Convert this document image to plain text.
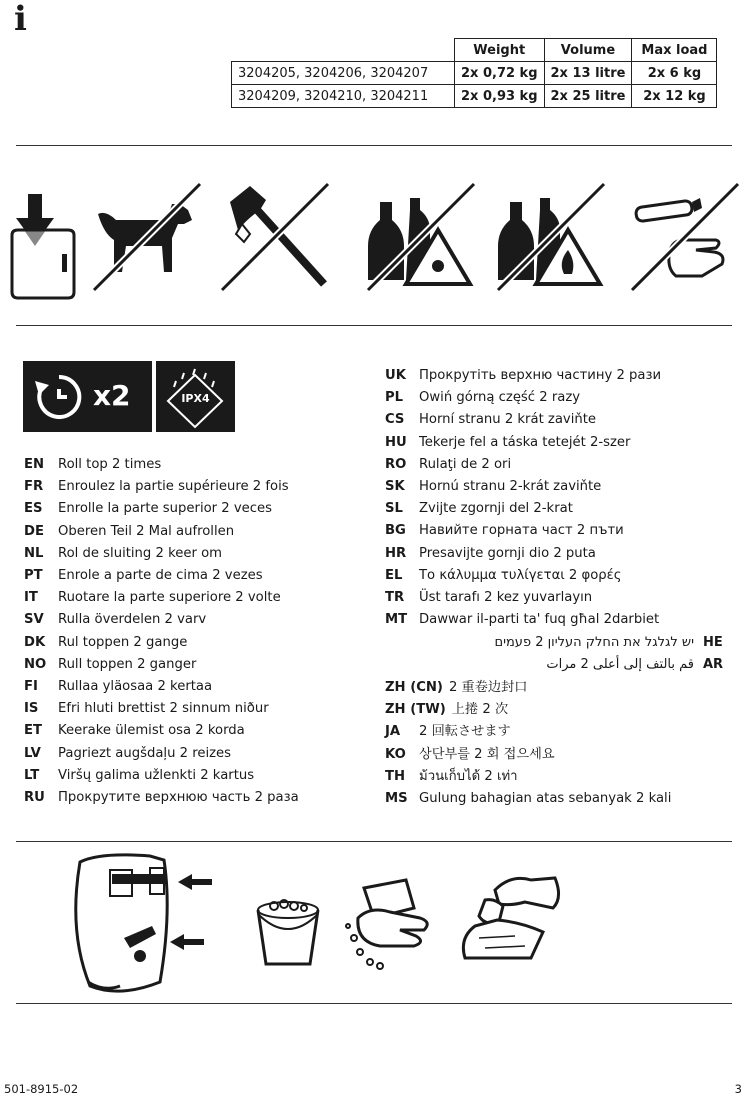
i
	Weight	Volume	Max load
3204205, 3204206, 3204207	2x 0,72 kg	2x 13 litre	2x 6 kg
3204209, 3204210, 3204211	2x 0,93 kg	2x 25 litre	2x 12 kg
x2	IPX4
EN Roll top 2 times
FR Enroulez la partie supérieure 2 fois
ES Enrolle la parte superior 2 veces
DE Oberen Teil 2 Mal aufrollen
NL Rol de sluiting 2 keer om
PT Enrole a parte de cima 2 vezes
IT Ruotare la parte superiore 2 volte
SV Rulla överdelen 2 varv
DK Rul toppen 2 gange
NO Rull toppen 2 ganger
FI Rullaa yläosaa 2 kertaa
IS Efri hluti brettist 2 sinnum niður
ET Keerake ülemist osa 2 korda
LV Pagriezt augšdaļu 2 reizes
LT Viršų galima užlenkti 2 kartus
RU Прокрутите верхнюю часть 2 раза
UK Прокрутіть верхню частину 2 рази
PL Owiń górną część 2 razy
CS Horní stranu 2 krát zaviňte
HU Tekerje fel a táska tetejét 2-szer
RO Rulaţi de 2 ori
SK Hornú stranu 2-krát zaviňte
SL Zvijte zgornji del 2-krat
BG Навийте горната част 2 пъти
HR Presavijte gornji dio 2 puta
EL Το κάλυμμα τυλίγεται 2 φορές
TR Üst tarafı 2 kez yuvarlayın
MT Dawwar il-parti ta' fuq għal 2darbiet
יש לגלגל את החלק העליון 2 פעמים HE
قم بالتف إلى أعلى 2 مرات AR
ZH (CN) 2 重卷边封口
ZH (TW) 上捲 2 次
JA 2 回転させます
KO 상단부를 2 회 접으세요
TH ม้วนเก็บได้ 2 เท่า
MS Gulung bahagian atas sebanyak 2 kali
501-8915-02	3
